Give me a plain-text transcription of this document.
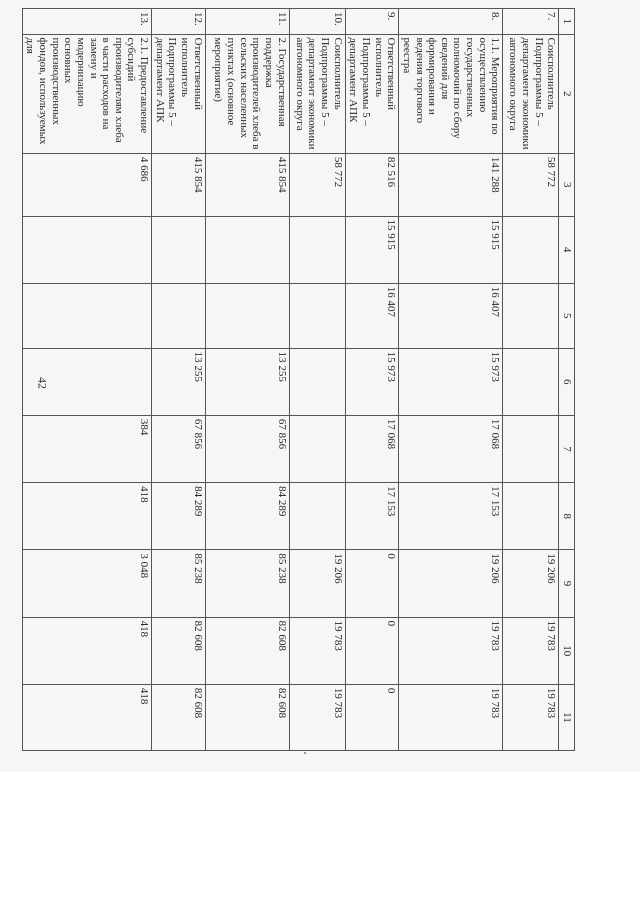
42
1	2	3	4	5	6	7	8	9	10	11
7.	Соисполнитель Подпрограммы 5 – департамент экономики автономного округа	58 772						19 206	19 783	19 783
8.	1.1. Мероприятия по осуществлению государственных полномочий по сбору сведений для формирования и ведения торгового реестра	141 288	15 915	16 407	15 973	17 068	17 153	19 206	19 783	19 783
9.	Ответственный исполнитель Подпрограммы 5 – департамент АПК	82 516	15 915	16 407	15 973	17 068	17 153	0	0	0
10.	Соисполнитель Подпрограммы 5 – департамент экономики автономного округа	58 772						19 206	19 783	19 783
11.	2. Государственная поддержка производителей хлеба в сельских населенных пунктах (основное мероприятие)	415 854			13 255	67 856	84 289	85 238	82 608	82 608
12.	Ответственный исполнитель Подпрограммы 5 – департамент АПК	415 854			13 255	67 856	84 289	85 238	82 608	82 608
13.	2.1. Предоставление субсидий производителям хлеба в части расходов на замену и модернизацию основных производственных фондов, используемых для	4 686				384	418	3 048	418	418
